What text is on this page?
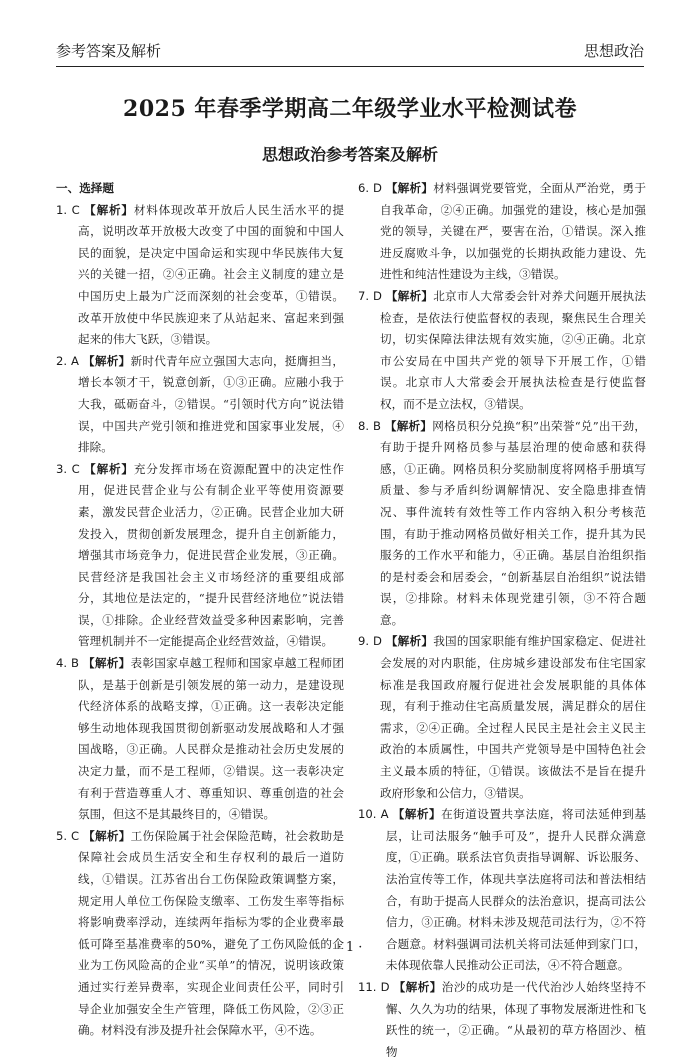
参考答案及解析	思想政治
2025 年春季学期高二年级学业水平检测试卷
思想政治参考答案及解析
一、选择题
1. C 【解析】材料体现改革开放后人民生活水平的提高，说明改革开放极大改变了中国的面貌和中国人民的面貌，是决定中国命运和实现中华民族伟大复兴的关键一招，②④正确。社会主义制度的建立是中国历史上最为广泛而深刻的社会变革，①错误。改革开放使中华民族迎来了从站起来、富起来到强起来的伟大飞跃，③错误。
2. A 【解析】新时代青年应立强国大志向，挺膺担当，增长本领才干，锐意创新，①③正确。应融小我于大我，砥砺奋斗，②错误。“引领时代方向”说法错误，中国共产党引领和推进党和国家事业发展，④排除。
3. C 【解析】充分发挥市场在资源配置中的决定性作用，促进民营企业与公有制企业平等使用资源要素，激发民营企业活力，②正确。民营企业加大研发投入，贯彻创新发展理念，提升自主创新能力，增强其市场竞争力，促进民营企业发展，③正确。民营经济是我国社会主义市场经济的重要组成部分，其地位是法定的，“提升民营经济地位”说法错误，①排除。企业经营效益受多种因素影响，完善管理机制并不一定能提高企业经营效益，④错误。
4. B 【解析】表彰国家卓越工程师和国家卓越工程师团队，是基于创新是引领发展的第一动力，是建设现代经济体系的战略支撑，①正确。这一表彰决定能够生动地体现我国贯彻创新驱动发展战略和人才强国战略，③正确。人民群众是推动社会历史发展的决定力量，而不是工程师，②错误。这一表彰决定有利于营造尊重人才、尊重知识、尊重创造的社会氛围，但这不是其最终目的，④错误。
5. C 【解析】工伤保险属于社会保险范畴，社会救助是保障社会成员生活安全和生存权利的最后一道防线，①错误。江苏省出台工伤保险政策调整方案，规定用人单位工伤保险支缴率、工伤发生率等指标将影响费率浮动，连续两年指标为零的企业费率最低可降至基准费率的50%，避免了工伤风险低的企业为工伤风险高的企业“买单”的情况，说明该政策通过实行差异费率，实现企业间责任公平，同时引导企业加强安全生产管理，降低工伤风险，②③正确。材料没有涉及提升社会保障水平，④不选。
6. D 【解析】材料强调党要管党，全面从严治党，勇于自我革命，②④正确。加强党的建设，核心是加强党的领导，关键在严，要害在治，①错误。深入推进反腐败斗争，以加强党的长期执政能力建设、先进性和纯洁性建设为主线，③错误。
7. D 【解析】北京市人大常委会针对养犬问题开展执法检查，是依法行使监督权的表现，聚焦民生合理关切，切实保障法律法规有效实施，②④正确。北京市公安局在中国共产党的领导下开展工作，①错误。北京市人大常委会开展执法检查是行使监督权，而不是立法权，③错误。
8. B 【解析】网格员积分兑换“积”出荣誉“兑”出干劲，有助于提升网格员参与基层治理的使命感和获得感，①正确。网格员积分奖励制度将网格手册填写质量、参与矛盾纠纷调解情况、安全隐患排查情况、事件流转有效性等工作内容纳入积分考核范围，有助于推动网格员做好相关工作，提升其为民服务的工作水平和能力，④正确。基层自治组织指的是村委会和居委会，“创新基层自治组织”说法错误，②排除。材料未体现党建引领，③不符合题意。
9. D 【解析】我国的国家职能有维护国家稳定、促进社会发展的对内职能，住房城乡建设部发布住宅国家标准是我国政府履行促进社会发展职能的具体体现，有利于推动住宅高质量发展，满足群众的居住需求，②④正确。全过程人民民主是社会主义民主政治的本质属性，中国共产党领导是中国特色社会主义最本质的特征，①错误。该做法不是旨在提升政府形象和公信力，③错误。
10. A 【解析】在街道设置共享法庭，将司法延伸到基层，让司法服务“触手可及”，提升人民群众满意度，①正确。联系法官负责指导调解、诉讼服务、法治宣传等工作，体现共享法庭将司法和普法相结合，有助于提高人民群众的法治意识，提高司法公信力，③正确。材料未涉及规范司法行为，②不符合题意。材料强调司法机关将司法延伸到家门口，未体现依靠人民推动公正司法，④不符合题意。
11. D 【解析】治沙的成功是一代代治沙人始终坚持不懈、久久为功的结果，体现了事物发展渐进性和飞跃性的统一，②正确。“从最初的草方格固沙、植物
· 1 ·
